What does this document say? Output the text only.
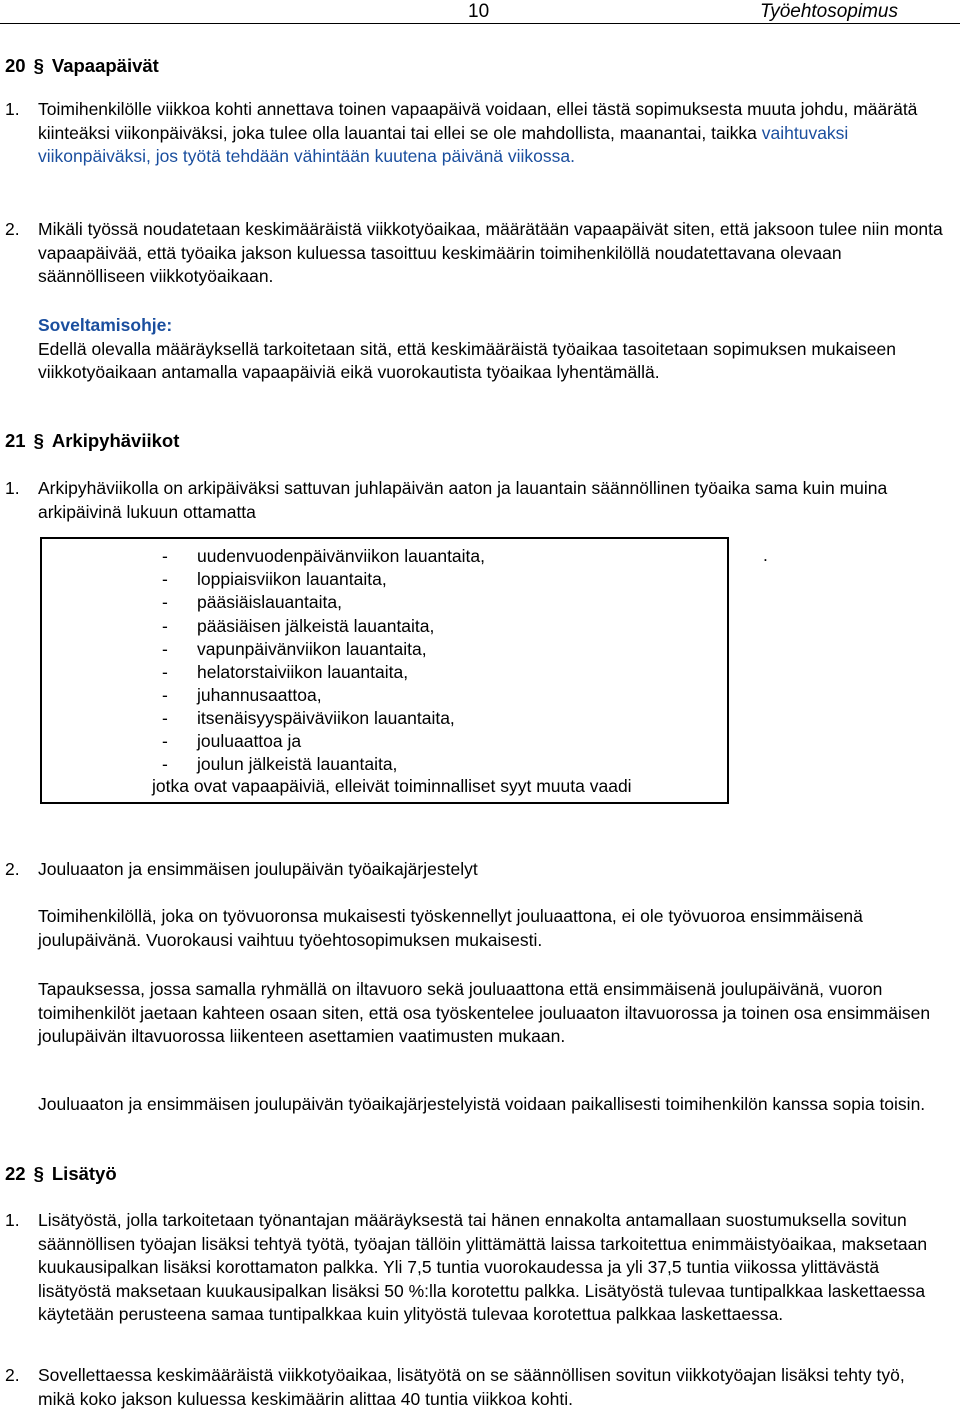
10	Työehtosopimus
20 § Vapaapäivät
1. Toimihenkilölle viikkoa kohti annettava toinen vapaapäivä voidaan, ellei tästä sopimuksesta muuta johdu, määrätä kiinteäksi viikonpäiväksi, joka tulee olla lauantai tai ellei se ole mahdollista, maanantai, taikka vaihtuvaksi viikonpäiväksi, jos työtä tehdään vähintään kuutena päivänä viikossa.
2. Mikäli työssä noudatetaan keskimääräistä viikkotyöaikaa, määrätään vapaapäivät siten, että jaksoon tulee niin monta vapaapäivää, että työaika jakson kuluessa tasoittuu keskimäärin toimihenkilöllä noudatettavana olevaan säännölliseen viikkotyöaikaan.
Soveltamisohje:
Edellä olevalla määräyksellä tarkoitetaan sitä, että keskimääräistä työaikaa tasoitetaan sopimuksen mukaiseen viikkotyöaikaan antamalla vapaapäiviä eikä vuorokautista työaikaa lyhentämällä.
21 § Arkipyhäviikot
1. Arkipyhäviikolla on arkipäiväksi sattuvan juhlapäivän aaton ja lauantain säännöllinen työaika sama kuin muina arkipäivinä lukuun ottamatta
- uudenvuodenpäivänviikon lauantaita,
- loppiaisviikon lauantaita,
- pääsiäislauantaita,
- pääsiäisen jälkeistä lauantaita,
- vapunpäivänviikon lauantaita,
- helatorstaiviikon lauantaita,
- juhannusaattoa,
- itsenäisyyspäiväviikon lauantaita,
- jouluaattoa ja
- joulun jälkeistä lauantaita,
jotka ovat vapaapäiviä, elleivät toiminnalliset syyt muuta vaadi
.
2. Jouluaaton ja ensimmäisen joulupäivän työaikajärjestelyt
Toimihenkilöllä, joka on työvuoronsa mukaisesti työskennellyt jouluaattona, ei ole työvuoroa ensimmäisenä joulupäivänä. Vuorokausi vaihtuu työehtosopimuksen mukaisesti.
Tapauksessa, jossa samalla ryhmällä on iltavuoro sekä jouluaattona että ensimmäisenä joulupäivänä, vuoron toimihenkilöt jaetaan kahteen osaan siten, että osa työskentelee jouluaaton iltavuorossa ja toinen osa ensimmäisen joulupäivän iltavuorossa liikenteen asettamien vaatimusten mukaan.
Jouluaaton ja ensimmäisen joulupäivän työaikajärjestelyistä voidaan paikallisesti toimihenkilön kanssa sopia toisin.
22 § Lisätyö
1. Lisätyöstä, jolla tarkoitetaan työnantajan määräyksestä tai hänen ennakolta antamallaan suostumuksella sovitun säännöllisen työajan lisäksi tehtyä työtä, työajan tällöin ylittämättä laissa tarkoitettua enimmäistyöaikaa, maksetaan kuukausipalkan lisäksi korottamaton palkka. Yli 7,5 tuntia vuorokaudessa ja yli 37,5 tuntia viikossa ylittävästä lisätyöstä maksetaan kuukausipalkan lisäksi 50 %:lla korotettu palkka. Lisätyöstä tulevaa tuntipalkkaa laskettaessa käytetään perusteena samaa tuntipalkkaa kuin ylityöstä tulevaa korotettua palkkaa laskettaessa.
2. Sovellettaessa keskimääräistä viikkotyöaikaa, lisätyötä on se säännöllisen sovitun viikkotyöajan lisäksi tehty työ, mikä koko jakson kuluessa keskimäärin alittaa 40 tuntia viikkoa kohti.
